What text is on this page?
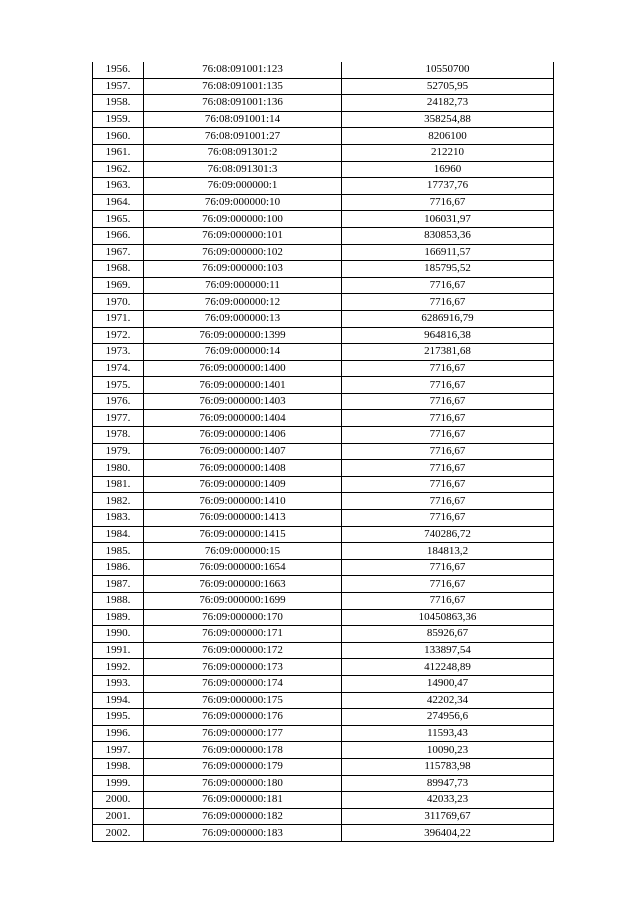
1956.	76:08:091001:123	10550700
1957.	76:08:091001:135	52705,95
1958.	76:08:091001:136	24182,73
1959.	76:08:091001:14	358254,88
1960.	76:08:091001:27	8206100
1961.	76:08:091301:2	212210
1962.	76:08:091301:3	16960
1963.	76:09:000000:1	17737,76
1964.	76:09:000000:10	7716,67
1965.	76:09:000000:100	106031,97
1966.	76:09:000000:101	830853,36
1967.	76:09:000000:102	166911,57
1968.	76:09:000000:103	185795,52
1969.	76:09:000000:11	7716,67
1970.	76:09:000000:12	7716,67
1971.	76:09:000000:13	6286916,79
1972.	76:09:000000:1399	964816,38
1973.	76:09:000000:14	217381,68
1974.	76:09:000000:1400	7716,67
1975.	76:09:000000:1401	7716,67
1976.	76:09:000000:1403	7716,67
1977.	76:09:000000:1404	7716,67
1978.	76:09:000000:1406	7716,67
1979.	76:09:000000:1407	7716,67
1980.	76:09:000000:1408	7716,67
1981.	76:09:000000:1409	7716,67
1982.	76:09:000000:1410	7716,67
1983.	76:09:000000:1413	7716,67
1984.	76:09:000000:1415	740286,72
1985.	76:09:000000:15	184813,2
1986.	76:09:000000:1654	7716,67
1987.	76:09:000000:1663	7716,67
1988.	76:09:000000:1699	7716,67
1989.	76:09:000000:170	10450863,36
1990.	76:09:000000:171	85926,67
1991.	76:09:000000:172	133897,54
1992.	76:09:000000:173	412248,89
1993.	76:09:000000:174	14900,47
1994.	76:09:000000:175	42202,34
1995.	76:09:000000:176	274956,6
1996.	76:09:000000:177	11593,43
1997.	76:09:000000:178	10090,23
1998.	76:09:000000:179	115783,98
1999.	76:09:000000:180	89947,73
2000.	76:09:000000:181	42033,23
2001.	76:09:000000:182	311769,67
2002.	76:09:000000:183	396404,22
